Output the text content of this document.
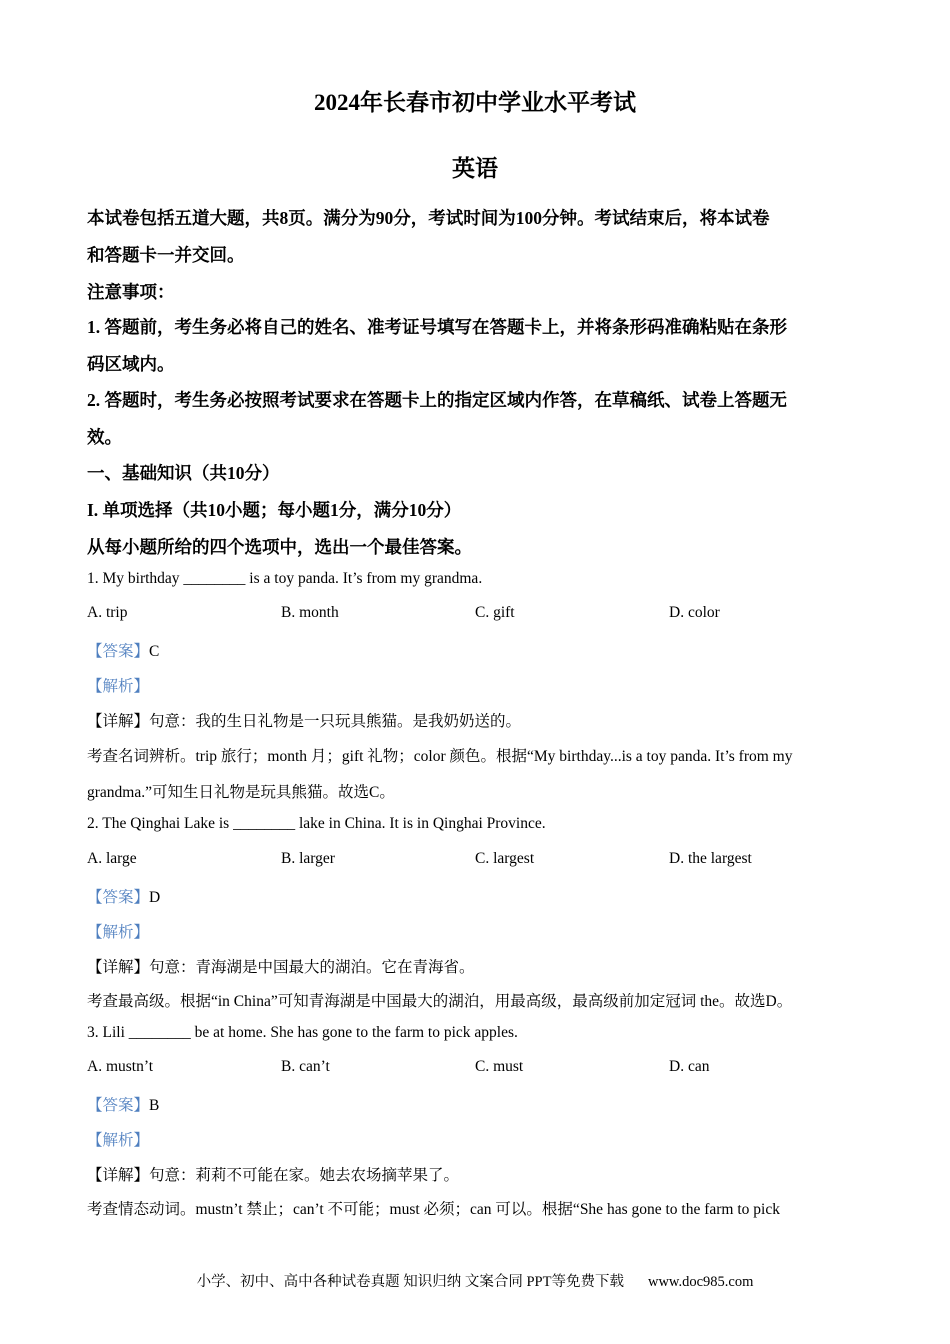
2024年长春市初中学业水平考试
英语
本试卷包括五道大题，共8页。满分为90分，考试时间为100分钟。考试结束后，将本试卷
和答题卡一并交回。
注意事项：
1. 答题前，考生务必将自己的姓名、准考证号填写在答题卡上，并将条形码准确粘贴在条形
码区域内。
2. 答题时，考生务必按照考试要求在答题卡上的指定区域内作答，在草稿纸、试卷上答题无
效。
一、基础知识（共10分）
I. 单项选择（共10小题；每小题1分，满分10分）
从每小题所给的四个选项中，选出一个最佳答案。
1. My birthday ________ is a toy panda. It’s from my grandma.
A. trip	B. month	C. gift	D. color
【答案】C
【解析】
【详解】句意：我的生日礼物是一只玩具熊猫。是我奶奶送的。
考查名词辨析。trip 旅行；month 月；gift 礼物；color 颜色。根据“My birthday...is a toy panda. It’s from my
grandma.”可知生日礼物是玩具熊猫。故选C。
2. The Qinghai Lake is ________ lake in China. It is in Qinghai Province.
A. large	B. larger	C. largest	D. the largest
【答案】D
【解析】
【详解】句意：青海湖是中国最大的湖泊。它在青海省。
考查最高级。根据“in China”可知青海湖是中国最大的湖泊，用最高级，最高级前加定冠词 the。故选D。
3. Lili ________ be at home. She has gone to the farm to pick apples.
A. mustn’t	B. can’t	C. must	D. can
【答案】B
【解析】
【详解】句意：莉莉不可能在家。她去农场摘苹果了。
考查情态动词。mustn’t 禁止；can’t 不可能；must 必须；can 可以。根据“She has gone to the farm to pick
小学、初中、高中各种试卷真题 知识归纳 文案合同 PPT等免费下载 www.doc985.com
